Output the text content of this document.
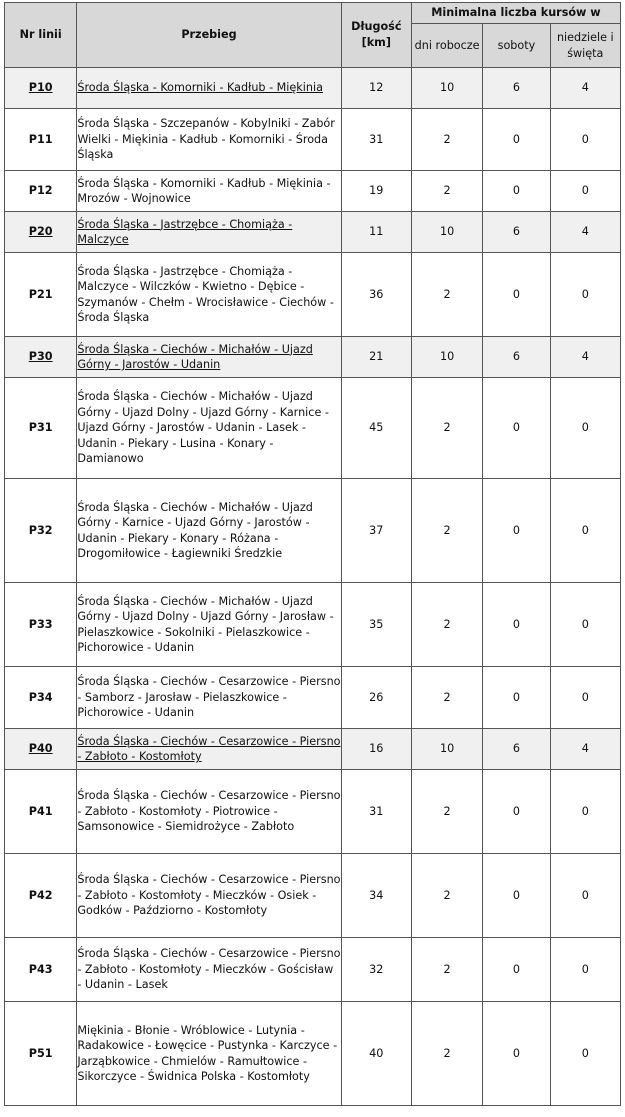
Nr linii	Przebieg	Długość [km]	Minimalna liczba kursów w		
			dni robocze	soboty	niedziele i święta
P10	Środa Śląska - Komorniki - Kadłub - Miękinia	12	10	6	4
P11	Środa Śląska - Szczepanów - Kobylniki - Zabór Wielki - Miękinia - Kadłub - Komorniki - Środa Śląska	31	2	0	0
P12	Środa Śląska - Komorniki - Kadłub - Miękinia - Mrozów - Wojnowice	19	2	0	0
P20	Środa Śląska - Jastrzębce - Chomiąża - Malczyce	11	10	6	4
P21	Środa Śląska - Jastrzębce - Chomiąża - Malczyce - Wilczków - Kwietno - Dębice - Szymanów - Chełm - Wrocisławice - Ciechów - Środa Śląska	36	2	0	0
P30	Środa Śląska - Ciechów - Michałów - Ujazd Górny - Jarostów - Udanin	21	10	6	4
P31	Środa Śląska - Ciechów - Michałów - Ujazd Górny - Ujazd Dolny - Ujazd Górny - Karnice - Ujazd Górny - Jarostów - Udanin - Lasek - Udanin - Piekary - Lusina - Konary - Damianowo	45	2	0	0
P32	Środa Śląska - Ciechów - Michałów - Ujazd Górny - Karnice - Ujazd Górny - Jarostów - Udanin - Piekary - Konary - Różana - Drogomiłowice - Łagiewniki Średzkie	37	2	0	0
P33	Środa Śląska - Ciechów - Michałów - Ujazd Górny - Ujazd Dolny - Ujazd Górny - Jarosław - Pielaszkowice - Sokolniki - Pielaszkowice - Pichorowice - Udanin	35	2	0	0
P34	Środa Śląska - Ciechów - Cesarzowice - Piersno - Samborz - Jarosław - Pielaszkowice - Pichorowice - Udanin	26	2	0	0
P40	Środa Śląska - Ciechów - Cesarzowice - Piersno - Zabłoto - Kostomłoty	16	10	6	4
P41	Środa Śląska - Ciechów - Cesarzowice - Piersno - Zabłoto - Kostomłoty - Piotrowice - Samsonowice - Siemidrożyce - Zabłoto	31	2	0	0
P42	Środa Śląska - Ciechów - Cesarzowice - Piersno - Zabłoto - Kostomłoty - Mieczków - Osiek - Godków - Paździorno - Kostomłoty	34	2	0	0
P43	Środa Śląska - Ciechów - Cesarzowice - Piersno - Zabłoto - Kostomłoty - Mieczków - Gościsław - Udanin - Lasek	32	2	0	0
P51	Miękinia - Błonie - Wróblowice - Lutynia - Radakowice - Łowęcice - Pustynka - Karczyce - Jarząbkowice - Chmielów - Ramułtowice - Sikorczyce - Świdnica Polska - Kostomłoty	40	2	0	0
